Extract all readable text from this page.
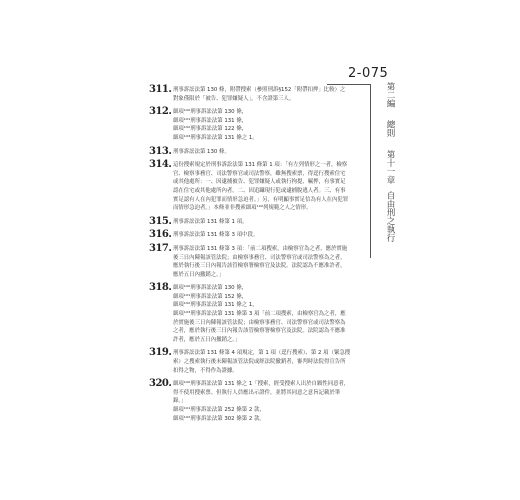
2-075
第二編 總則 第十一章 自由刑之執行
311. 刑事訴訟法第 130 條，附帶搜索（參照刑訴§152「附帶扣押」比較）之
對象僅限於「被告、犯罪嫌疑人」，不含證第三人。
312. 細項¹⁰⁰刑事訴訟法第 130 條，
細項¹⁰¹刑事訴訟法第 131 條，
細項¹⁰²刑事訴訟法第 122 條，
細項¹⁰³刑事訴訟法第 131 條之 1。
313. 刑事訴訟法第 130 條。
314. 這份搜索規定於刑事訴訟法第 131 條第 1 項：「有左列情形之一者，檢察
官、檢察事務官、司法警察官或司法警察，雖無搜索票，得逕行搜索住宅
或其他處所：一、因逮捕被告、犯罪嫌疑人或執行拘提、羈押，有事實足
認在住宅或其他處所內者。二、因追躡現行犯或逮捕脫逃人者。三、有事
實足認有人在內犯罪而情形急迫者。」另，有明顯事實足信為有人在內犯罪
而情形急迫者。」本條並非搜索細項¹⁰⁰列規範之人之情形。
315. 刑事訴訟法第 131 條第 1 項。
316. 刑事訴訟法第 131 條第 3 項中段。
317. 刑事訴訟法第 131 條第 3 項：「前二項搜索，由檢察官為之者，應於實施
後三日內陳報該管法院；由檢察事務官、司法警察官或司法警察為之者，
應於執行後三日內報告該管檢察署檢察官及法院。法院認為不應准許者，
應於五日內撤銷之。」
318. 細項¹⁰⁰刑事訴訟法第 130 條，
細項¹⁰¹刑事訴訟法第 152 條，
細項¹⁰²刑事訴訟法第 131 條之 1，
細項¹⁰³刑事訴訟法第 131 條第 3 項「前二項搜索，由檢察官為之者，應
於實施後三日內陳報該管法院；由檢察事務官、司法警察官或司法警察為
之者，應於執行後三日內報告該管檢察署檢察官及法院。法院認為不應准
許者，應於五日內撤銷之。」
319. 刑事訴訟法第 131 條第 4 項規定，第 1 項（逕行搜索）、第 2 項（緊急搜
索）之搜索執行後未陳報該管法院或經法院撤銷者，審判時法院得宣告所
扣得之物，不得作為證據。
320. 細項¹⁰⁰刑事訴訟法第 131 條之 1「搜索，經受搜索人出於自願性同意者，
得不使用搜索票。但執行人員應出示證件，並將其同意之意旨記載於筆
錄。」
細項¹⁰¹刑事訴訟法第 252 條第 2 款，
細項¹⁰²刑事訴訟法第 302 條第 2 款。
